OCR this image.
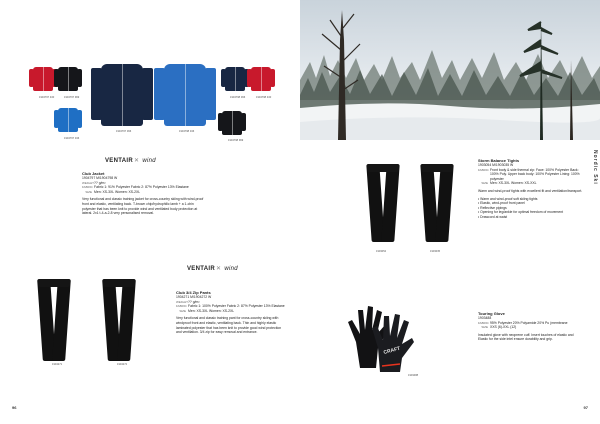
1904797 430	1904797 999
1904797 346
1904797 396	1904798 346
1904798 396	1904798 430
1904798 999
VENTAIR✕ wind
Club Jacket
1904797 M/1904798 W
WEIGHT ?? g/m²
FABRIC Fabric 1: 91% Polyester Fabric 2: 87% Polyester 13% Elastane
SIZE Men: XS-3XL Women: XS-2XL

Very functional and classic training jacket for cross-country skiing with wind-proof front and elastic, ventilating back. T-brown chip/hydrophilic lamb + a 1-chin polyester that has been knit to provide wind and ventilated body protection at lateral. 2x1 t-4-a-2-8 very personalised removal.

VENTAIR✕ wind
1904271	1904272
Club 3/4 Zip Pants
1904271 M/1904272 W
WEIGHT ?? g/m²
FABRIC Fabric 1: 100% Polyester Fabric 2: 87% Polyester 13% Elastane
SIZE Men: XS-3XL Women: XS-2XL

Very functional and classic training pant for cross-country skiing with windproof front and elastic, ventilating back. Thin and highly elastic laminated polyester that has been knit to provide good wind protection and ventilation. 3/4 zip for easy removal and entrance.

96
1903054	1903035
Storm Balance Tights
1903054 M/1903035 W
FABRIC Front body & side thermal zip: Face: 100% Polyester Back: 100% Poly. Upper back body: 100% Polyester Lining: 100% polyester
SIZE Men: XS-3XL Women: XS-XXL

Warm and wind-proof tights with excellent fit and ventilation/transport.

• Warm and wind-proof soft skiing tights
• Elastic, wind-proof front panel
• Reflective pipings
• Opening for leg/ankle for optimal freedom of movement
• Drawcord at waist
Nordic Ski
CRAFT
1903488
Touring Glove
1903488
FABRIC 95% Polyester 20% Polyamide 20% Pu (membrane
SIZE XXS (6)-XXL (12)

Insulated glove with neoprene cuff. Insert touches of elastic and Elastic for the side intel ensure durability and grip.

97
